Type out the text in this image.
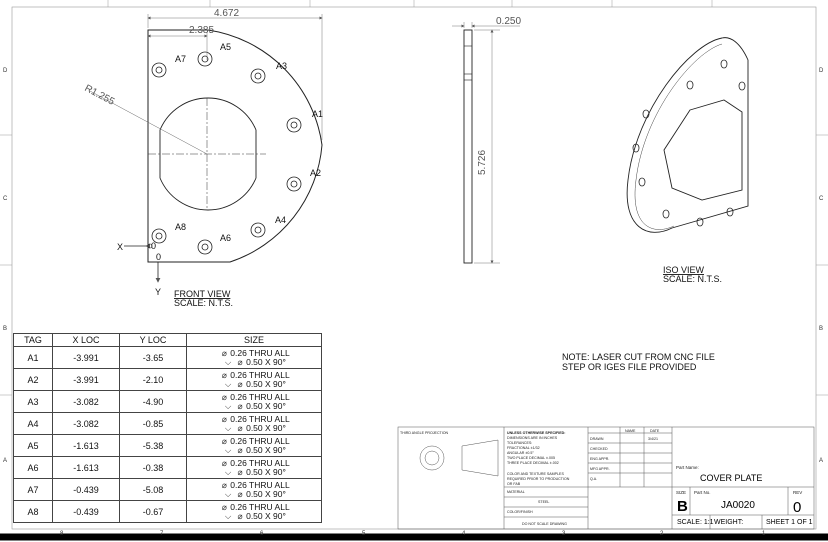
D
C
B
A
D
C
B
A
8	7	6	5	4	3	2	1
A1
A2
A3
A4
A5
A6
A7
A8
4.672
2.385
R1.255
X
Y
0
0
FRONT VIEW
SCALE: N.T.S.
0.250
5.726
ISO VIEW
SCALE: N.T.S.
THIRD ANGLE PROJECTION	UNLESS OTHERWISE SPECIFIED:
DIMENSIONS ARE IN INCHES
TOLERANCES:
FRACTIONAL ±1/32
ANGULAR ±0.5°
TWO PLACE DECIMAL ±.005
THREE PLACE DECIMAL ±.002
COLOR AND TEXTURE SAMPLES
REQUIRED PRIOR TO PRODUCTION
OR FAB
MATERIAL
STEEL
COLOR/FINISH
DO NOT SCALE DRAWING
NAME	DATE
DRAWN	3/4/21
CHECKED
ENG APPR.
MFG APPR.
Q.A.
Part Name:
COVER PLATE
SIZE
B
Part No.
JA0020
REV
0
SCALE: 1:1 WEIGHT:	SHEET 1 OF 1
TAG	X LOC	Y LOC	SIZE
A1	-3.991	-3.65	⌀ 0.26 THRU ALL
⌵ ⌀ 0.50 X 90°

A2	-3.991	-2.10	⌀ 0.26 THRU ALL
⌵ ⌀ 0.50 X 90°

A3	-3.082	-4.90	⌀ 0.26 THRU ALL
⌵ ⌀ 0.50 X 90°

A4	-3.082	-0.85	⌀ 0.26 THRU ALL
⌵ ⌀ 0.50 X 90°

A5	-1.613	-5.38	⌀ 0.26 THRU ALL
⌵ ⌀ 0.50 X 90°

A6	-1.613	-0.38	⌀ 0.26 THRU ALL
⌵ ⌀ 0.50 X 90°

A7	-0.439	-5.08	⌀ 0.26 THRU ALL
⌵ ⌀ 0.50 X 90°

A8	-0.439	-0.67	⌀ 0.26 THRU ALL
⌵ ⌀ 0.50 X 90°
NOTE: LASER CUT FROM CNC FILE
STEP OR IGES FILE PROVIDED
